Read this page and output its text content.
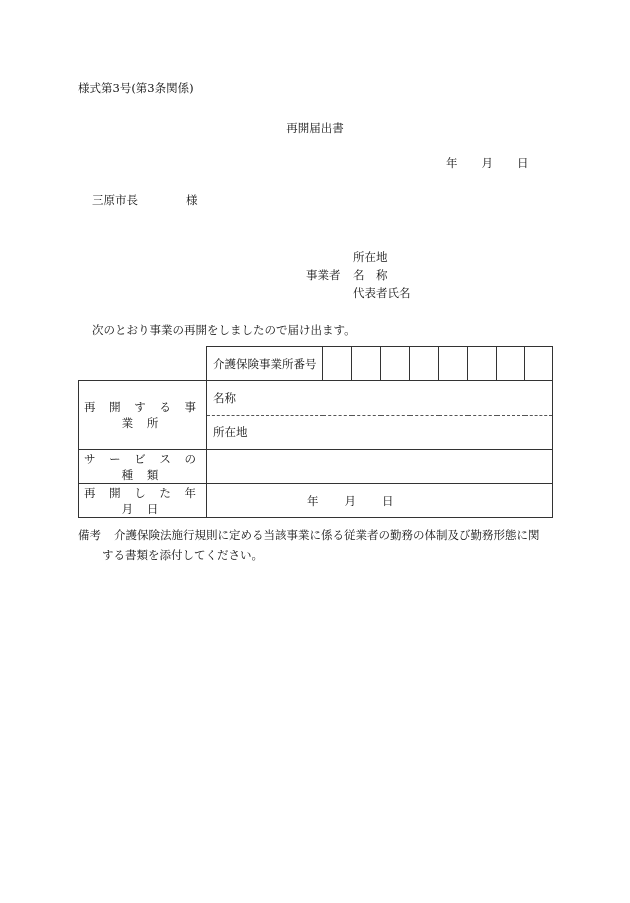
様式第3号(第3条関係)
再開届出書
年 月 日
三原市長	様
所在地
事業者 名　称
代表者氏名
次のとおり事業の再開をしましたので届け出ます。
	介護保険事業所番号								
再 開 す る 事 業 所	名称								
	所在地								
サ ー ビ ス の 種 類									
再 開 し た 年 月 日	年 月 日								
備考 介護保険法施行規則に定める当該事業に係る従業者の勤務の体制及び勤務形態に関
する書類を添付してください。
